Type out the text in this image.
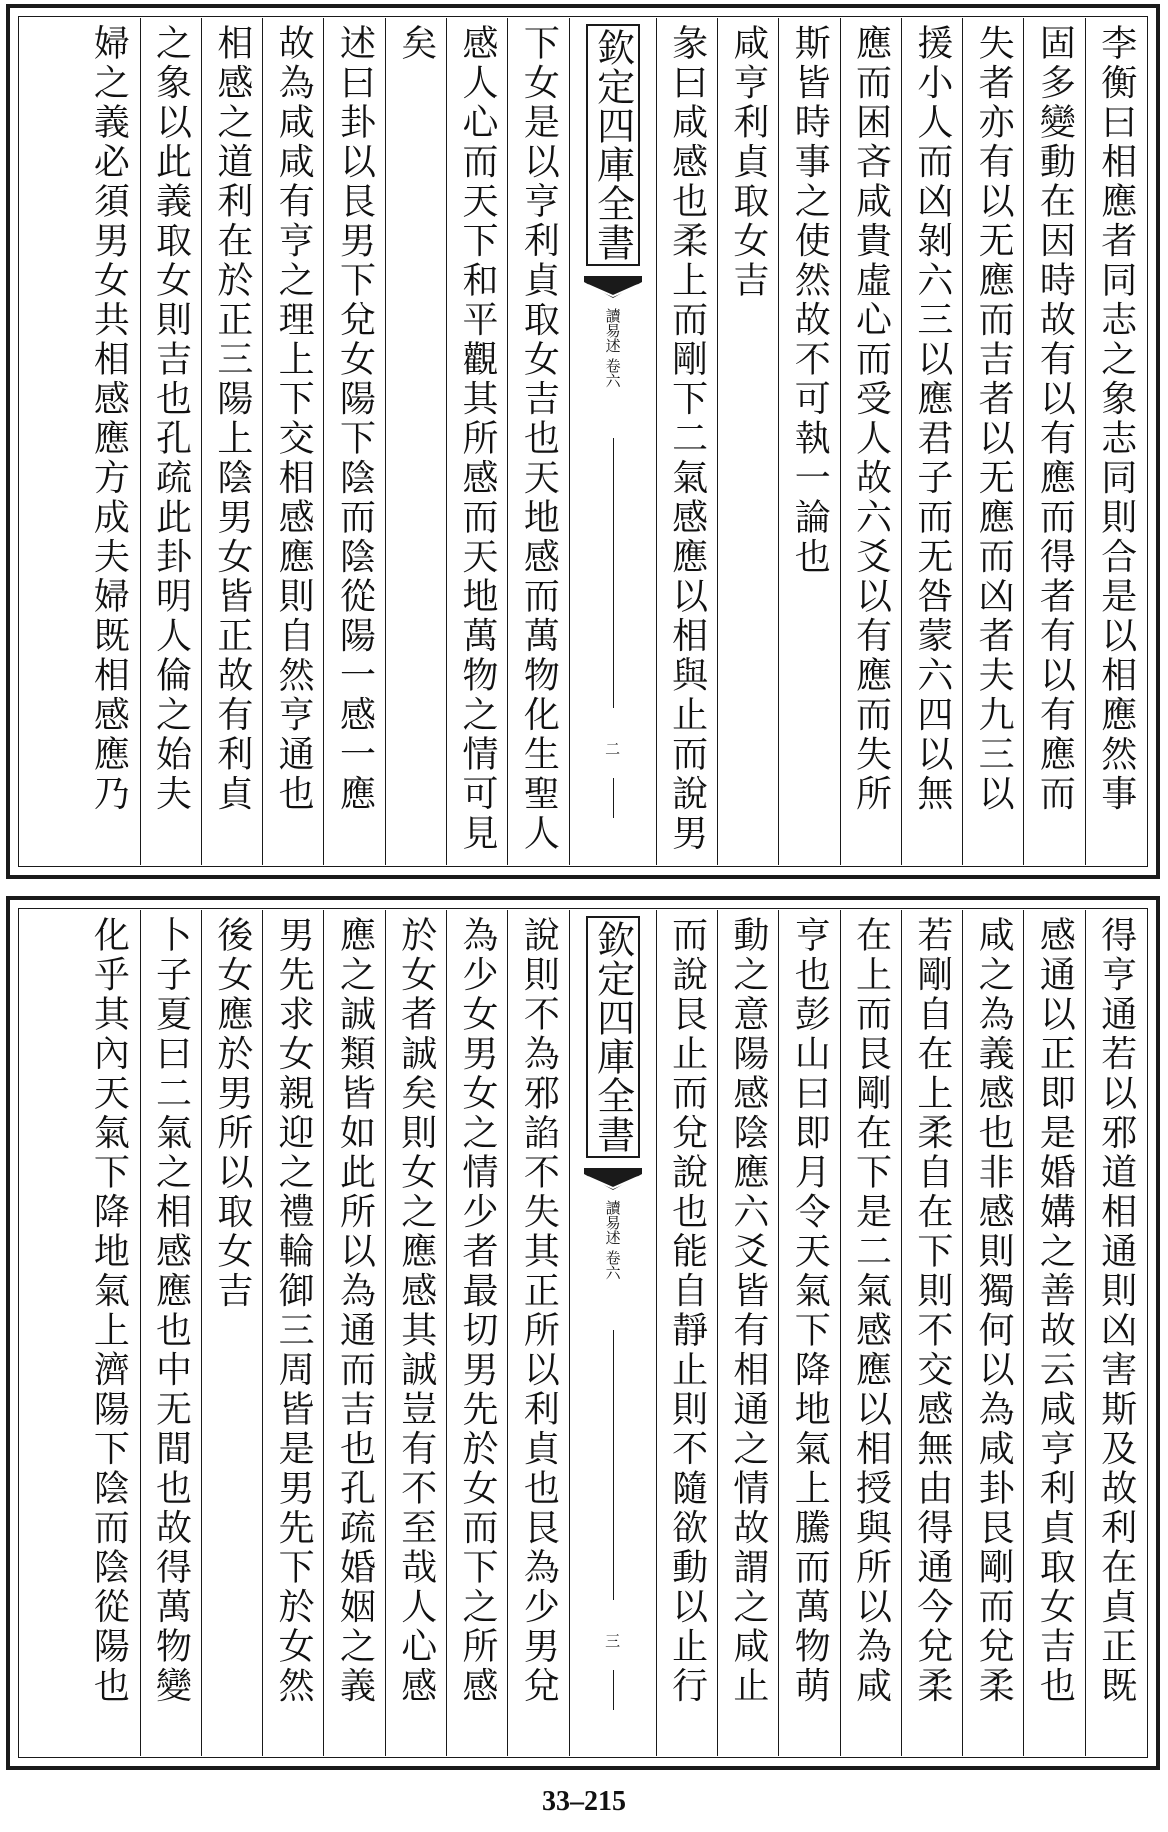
李衡曰相應者同志之象志同則合是以相應然事
固多變動在因時故有以有應而得者有以有應而
失者亦有以无應而吉者以无應而凶者夫九三以
援小人而凶剝六三以應君子而无咎蒙六四以無
應而困吝咸貴虛心而受人故六爻以有應而失所
斯皆時事之使然故不可執一論也
咸亨利貞取女吉
彖曰咸感也柔上而剛下二氣感應以相與止而說男
欽定四庫全書
讀易述 卷六
二
下女是以亨利貞取女吉也天地感而萬物化生聖人
感人心而天下和平觀其所感而天地萬物之情可見
矣
述曰卦以艮男下兌女陽下陰而陰從陽一感一應
故為咸咸有亨之理上下交相感應則自然亨通也
相感之道利在於正三陽上陰男女皆正故有利貞
之象以此義取女則吉也孔疏此卦明人倫之始夫
婦之義必須男女共相感應方成夫婦既相感應乃
得亨通若以邪道相通則凶害斯及故利在貞正既
感通以正即是婚媾之善故云咸亨利貞取女吉也
咸之為義感也非感則獨何以為咸卦艮剛而兌柔
若剛自在上柔自在下則不交感無由得通今兌柔
在上而艮剛在下是二氣感應以相授與所以為咸
亨也彭山曰即月令天氣下降地氣上騰而萬物萌
動之意陽感陰應六爻皆有相通之情故謂之咸止
而說艮止而兌說也能自靜止則不隨欲動以止行
欽定四庫全書
讀易述 卷六
三
說則不為邪諂不失其正所以利貞也艮為少男兌
為少女男女之情少者最切男先於女而下之所感
於女者誠矣則女之應感其誠豈有不至哉人心感
應之誠類皆如此所以為通而吉也孔疏婚姻之義
男先求女親迎之禮輪御三周皆是男先下於女然
後女應於男所以取女吉
卜子夏曰二氣之相感應也中无間也故得萬物變
化乎其內天氣下降地氣上濟陽下陰而陰從陽也
33–215
